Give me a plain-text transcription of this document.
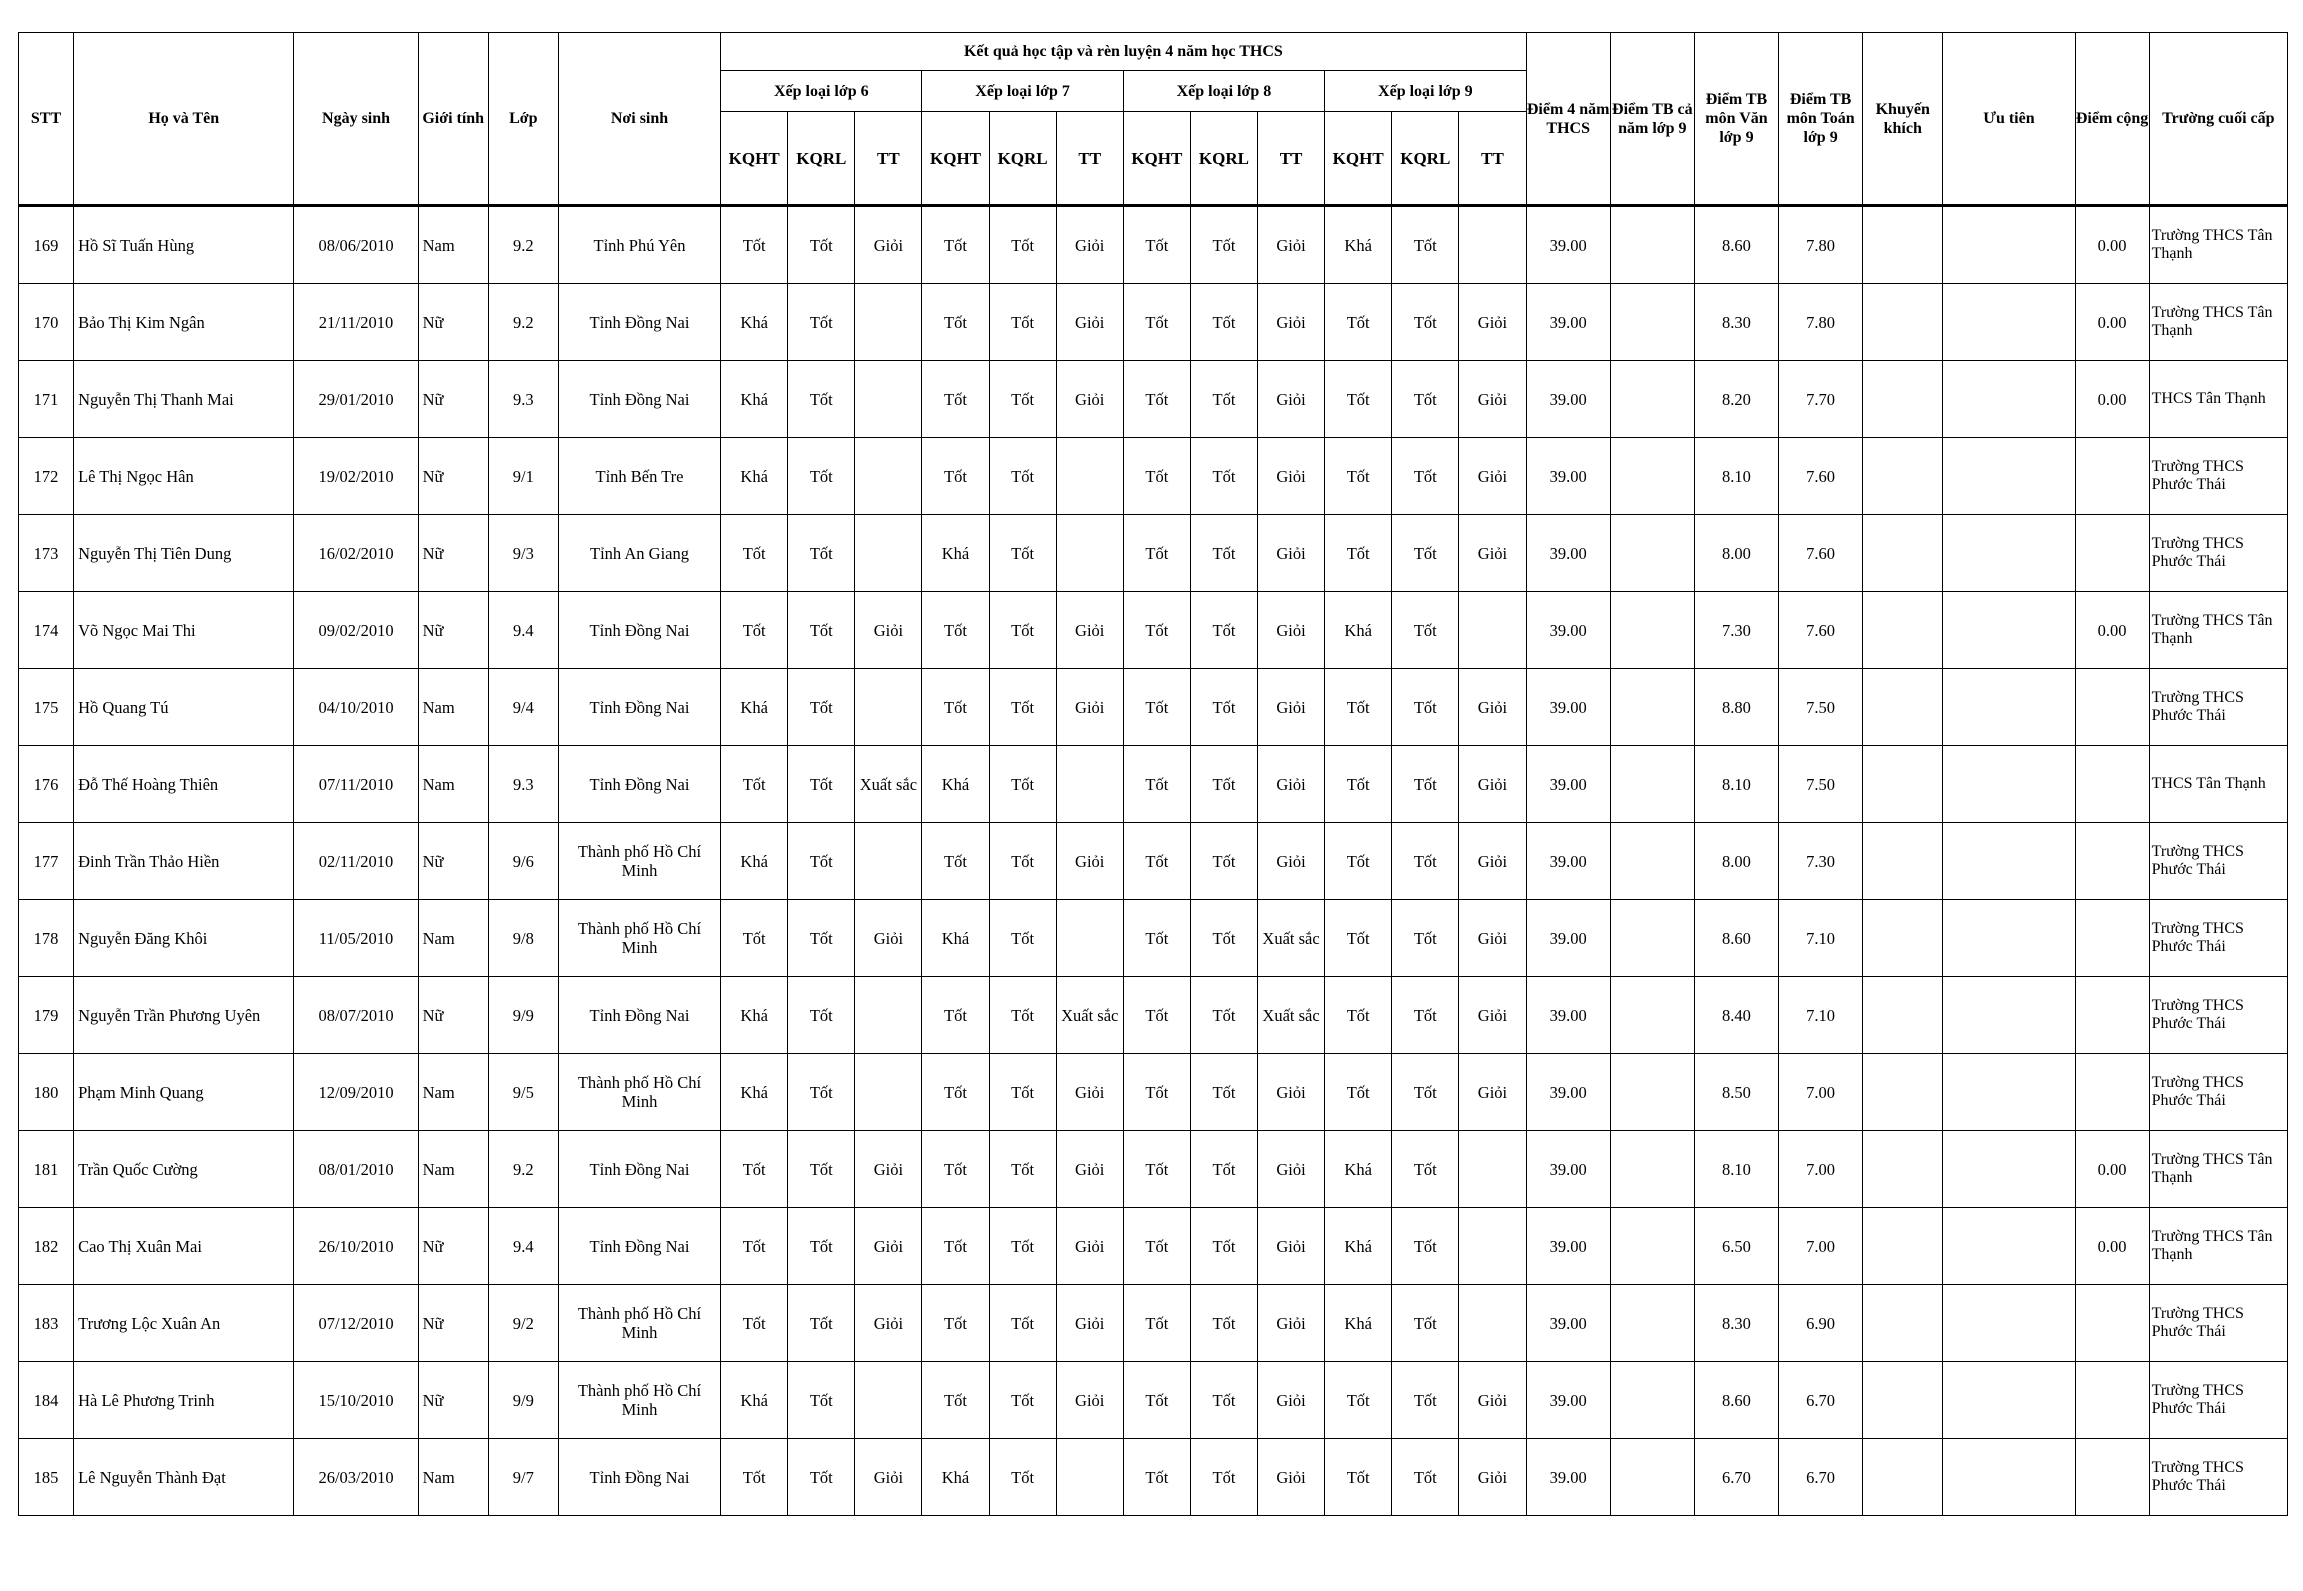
STT	Họ và Tên	Ngày sinh	Giới tính	Lớp	Nơi sinh	Kết quả học tập và rèn luyện 4 năm học THCS												Điểm 4 năm THCS	Điểm TB cả năm lớp 9	Điểm TB môn Văn lớp 9	Điểm TB môn Toán lớp 9	Khuyến khích	Ưu tiên	Điểm cộng	Trường cuối cấp
						Xếp loại lớp 6			Xếp loại lớp 7			Xếp loại lớp 8			Xếp loại lớp 9										
						KQHT	KQRL	TT	KQHT	KQRL	TT	KQHT	KQRL	TT	KQHT	KQRL	TT								
169	Hồ Sĩ Tuấn Hùng	08/06/2010	Nam	9.2	Tỉnh Phú Yên	Tốt	Tốt	Giỏi	Tốt	Tốt	Giỏi	Tốt	Tốt	Giỏi	Khá	Tốt		39.00		8.60	7.80			0.00	Trường THCS Tân Thạnh
170	Bảo Thị Kim Ngân	21/11/2010	Nữ	9.2	Tỉnh Đồng Nai	Khá	Tốt		Tốt	Tốt	Giỏi	Tốt	Tốt	Giỏi	Tốt	Tốt	Giỏi	39.00		8.30	7.80			0.00	Trường THCS Tân Thạnh
171	Nguyễn Thị Thanh Mai	29/01/2010	Nữ	9.3	Tỉnh Đồng Nai	Khá	Tốt		Tốt	Tốt	Giỏi	Tốt	Tốt	Giỏi	Tốt	Tốt	Giỏi	39.00		8.20	7.70			0.00	THCS Tân Thạnh
172	Lê Thị Ngọc Hân	19/02/2010	Nữ	9/1	Tỉnh Bến Tre	Khá	Tốt		Tốt	Tốt		Tốt	Tốt	Giỏi	Tốt	Tốt	Giỏi	39.00		8.10	7.60				Trường THCS Phước Thái
173	Nguyễn Thị Tiên Dung	16/02/2010	Nữ	9/3	Tỉnh An Giang	Tốt	Tốt		Khá	Tốt		Tốt	Tốt	Giỏi	Tốt	Tốt	Giỏi	39.00		8.00	7.60				Trường THCS Phước Thái
174	Võ Ngọc Mai Thi	09/02/2010	Nữ	9.4	Tỉnh Đồng Nai	Tốt	Tốt	Giỏi	Tốt	Tốt	Giỏi	Tốt	Tốt	Giỏi	Khá	Tốt		39.00		7.30	7.60			0.00	Trường THCS Tân Thạnh
175	Hồ Quang Tú	04/10/2010	Nam	9/4	Tỉnh Đồng Nai	Khá	Tốt		Tốt	Tốt	Giỏi	Tốt	Tốt	Giỏi	Tốt	Tốt	Giỏi	39.00		8.80	7.50				Trường THCS Phước Thái
176	Đỗ Thế Hoàng Thiên	07/11/2010	Nam	9.3	Tỉnh Đồng Nai	Tốt	Tốt	Xuất sắc	Khá	Tốt		Tốt	Tốt	Giỏi	Tốt	Tốt	Giỏi	39.00		8.10	7.50				THCS Tân Thạnh
177	Đinh Trần Thảo Hiền	02/11/2010	Nữ	9/6	Thành phố Hồ Chí Minh	Khá	Tốt		Tốt	Tốt	Giỏi	Tốt	Tốt	Giỏi	Tốt	Tốt	Giỏi	39.00		8.00	7.30				Trường THCS Phước Thái
178	Nguyễn Đăng Khôi	11/05/2010	Nam	9/8	Thành phố Hồ Chí Minh	Tốt	Tốt	Giỏi	Khá	Tốt		Tốt	Tốt	Xuất sắc	Tốt	Tốt	Giỏi	39.00		8.60	7.10				Trường THCS Phước Thái
179	Nguyễn Trần Phương Uyên	08/07/2010	Nữ	9/9	Tỉnh Đồng Nai	Khá	Tốt		Tốt	Tốt	Xuất sắc	Tốt	Tốt	Xuất sắc	Tốt	Tốt	Giỏi	39.00		8.40	7.10				Trường THCS Phước Thái
180	Phạm Minh Quang	12/09/2010	Nam	9/5	Thành phố Hồ Chí Minh	Khá	Tốt		Tốt	Tốt	Giỏi	Tốt	Tốt	Giỏi	Tốt	Tốt	Giỏi	39.00		8.50	7.00				Trường THCS Phước Thái
181	Trần Quốc Cường	08/01/2010	Nam	9.2	Tỉnh Đồng Nai	Tốt	Tốt	Giỏi	Tốt	Tốt	Giỏi	Tốt	Tốt	Giỏi	Khá	Tốt		39.00		8.10	7.00			0.00	Trường THCS Tân Thạnh
182	Cao Thị Xuân Mai	26/10/2010	Nữ	9.4	Tỉnh Đồng Nai	Tốt	Tốt	Giỏi	Tốt	Tốt	Giỏi	Tốt	Tốt	Giỏi	Khá	Tốt		39.00		6.50	7.00			0.00	Trường THCS Tân Thạnh
183	Trương Lộc Xuân An	07/12/2010	Nữ	9/2	Thành phố Hồ Chí Minh	Tốt	Tốt	Giỏi	Tốt	Tốt	Giỏi	Tốt	Tốt	Giỏi	Khá	Tốt		39.00		8.30	6.90				Trường THCS Phước Thái
184	Hà Lê Phương Trinh	15/10/2010	Nữ	9/9	Thành phố Hồ Chí Minh	Khá	Tốt		Tốt	Tốt	Giỏi	Tốt	Tốt	Giỏi	Tốt	Tốt	Giỏi	39.00		8.60	6.70				Trường THCS Phước Thái
185	Lê Nguyễn Thành Đạt	26/03/2010	Nam	9/7	Tỉnh Đồng Nai	Tốt	Tốt	Giỏi	Khá	Tốt		Tốt	Tốt	Giỏi	Tốt	Tốt	Giỏi	39.00		6.70	6.70				Trường THCS Phước Thái
